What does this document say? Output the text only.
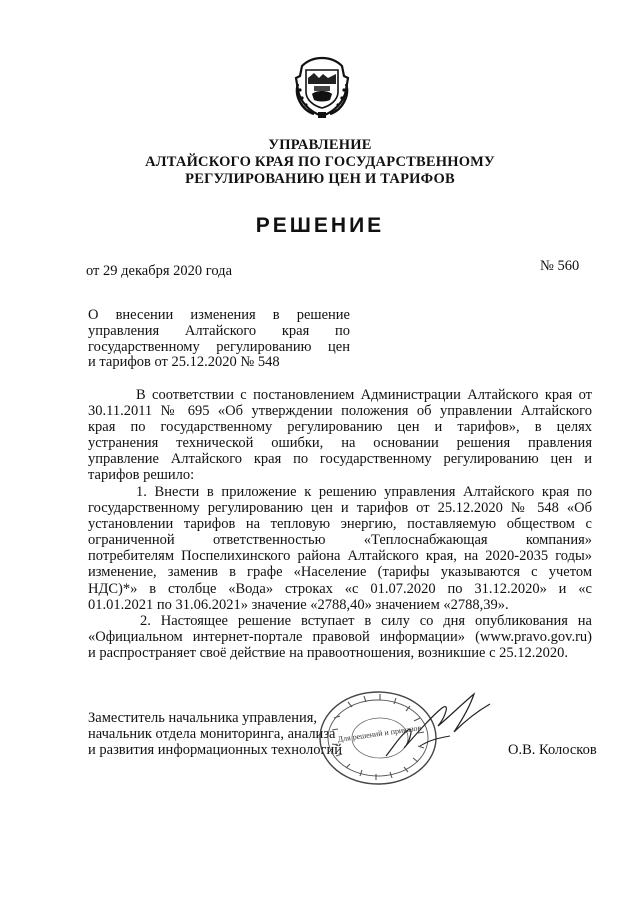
УПРАВЛЕНИЕ
АЛТАЙСКОГО КРАЯ ПО ГОСУДАРСТВЕННОМУ
РЕГУЛИРОВАНИЮ ЦЕН И ТАРИФОВ
РЕШЕНИЕ
от 29 декабря 2020 года	№ 560
О внесении изменения в решение
управления Алтайского края по
государственному регулированию цен
и тарифов от 25.12.2020 № 548
В соответствии с постановлением Администрации Алтайского края от
30.11.2011 № 695 «Об утверждении положения об управлении Алтайского
края по государственному регулированию цен и тарифов», в целях
устранения технической ошибки, на основании решения правления
управление Алтайского края по государственному регулированию цен и
тарифов решило:
1. Внести в приложение к решению управления Алтайского края по
государственному регулированию цен и тарифов от 25.12.2020 № 548 «Об
установлении тарифов на тепловую энергию, поставляемую обществом с
ограниченной ответственностью «Теплоснабжающая компания»
потребителям Поспелихинского района Алтайского края, на 2020-2035 годы»
изменение, заменив в графе «Население (тарифы указываются с учетом
НДС)*» в столбце «Вода» строках «с 01.07.2020 по 31.12.2020» и «с
01.01.2021 по 31.06.2021» значение «2788,40» значением «2788,39».
2. Настоящее решение вступает в силу со дня опубликования на
«Официальном интернет-портале правовой информации» (www.pravo.gov.ru)
и распространяет своё действие на правоотношения, возникшие с 25.12.2020.
Заместитель начальника управления,
начальник отдела мониторинга, анализа
и развития информационных технологий
Для решений и приказов
О.В. Колосков
